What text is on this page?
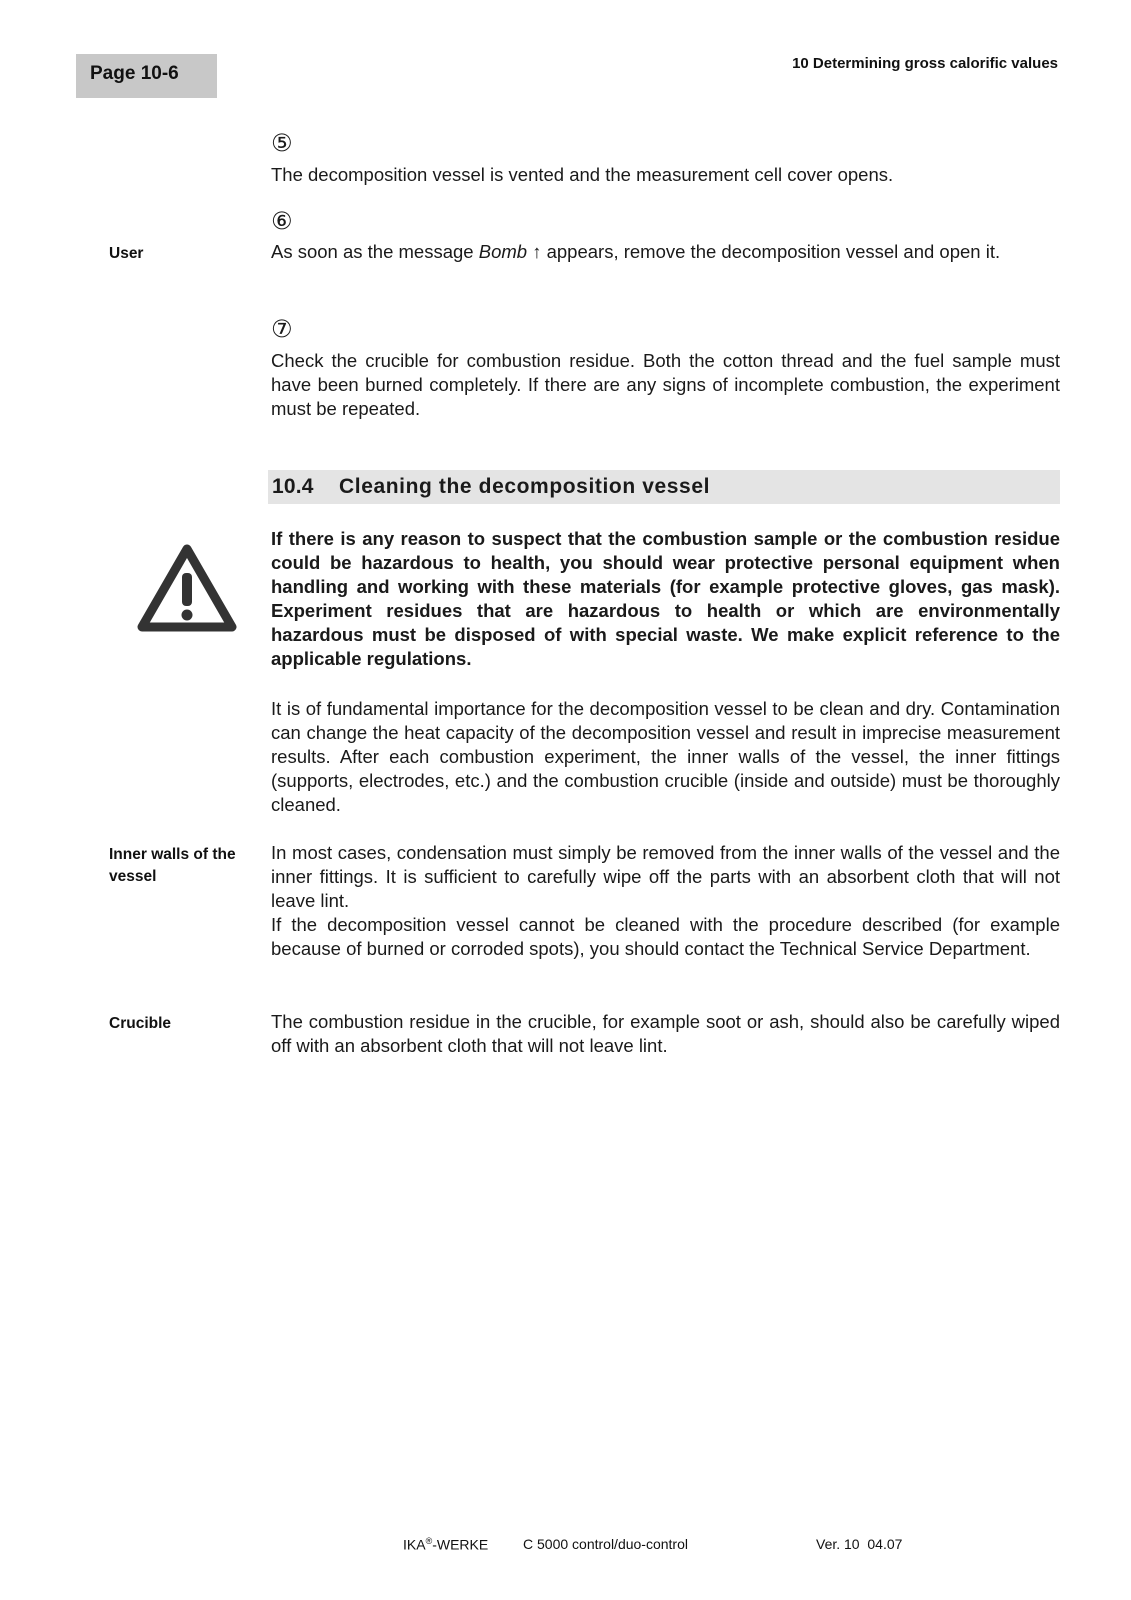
Page 10-6	10 Determining gross calorific values
⑤
The decomposition vessel is vented and the measurement cell cover opens.
⑥
User	As soon as the message Bomb ↑ appears, remove the decomposition vessel and open it.
⑦
Check the crucible for combustion residue. Both the cotton thread and the fuel sample must have been burned completely. If there are any signs of incomplete combustion, the experiment must be repeated.
10.4 Cleaning the decomposition vessel
If there is any reason to suspect that the combustion sample or the combustion residue could be hazardous to health, you should wear protective personal equipment when handling and working with these materials (for example protective gloves, gas mask). Experiment residues that are hazardous to health or which are environmentally hazardous must be disposed of with special waste. We make explicit reference to the applicable regulations.
It is of fundamental importance for the decomposition vessel to be clean and dry. Contamination can change the heat capacity of the decomposition vessel and result in imprecise measurement results. After each combustion experiment, the inner walls of the vessel, the inner fittings (supports, electrodes, etc.) and the combustion crucible (inside and outside) must be thoroughly cleaned.
Inner walls of the vessel
In most cases, condensation must simply be removed from the inner walls of the vessel and the inner fittings. It is sufficient to carefully wipe off the parts with an absorbent cloth that will not leave lint.
If the decomposition vessel cannot be cleaned with the procedure described (for example because of burned or corroded spots), you should contact the Technical Service Department.
Crucible	The combustion residue in the crucible, for example soot or ash, should also be carefully wiped off with an absorbent cloth that will not leave lint.
IKA®-WERKE C 5000 control/duo-control	Ver. 10  04.07
